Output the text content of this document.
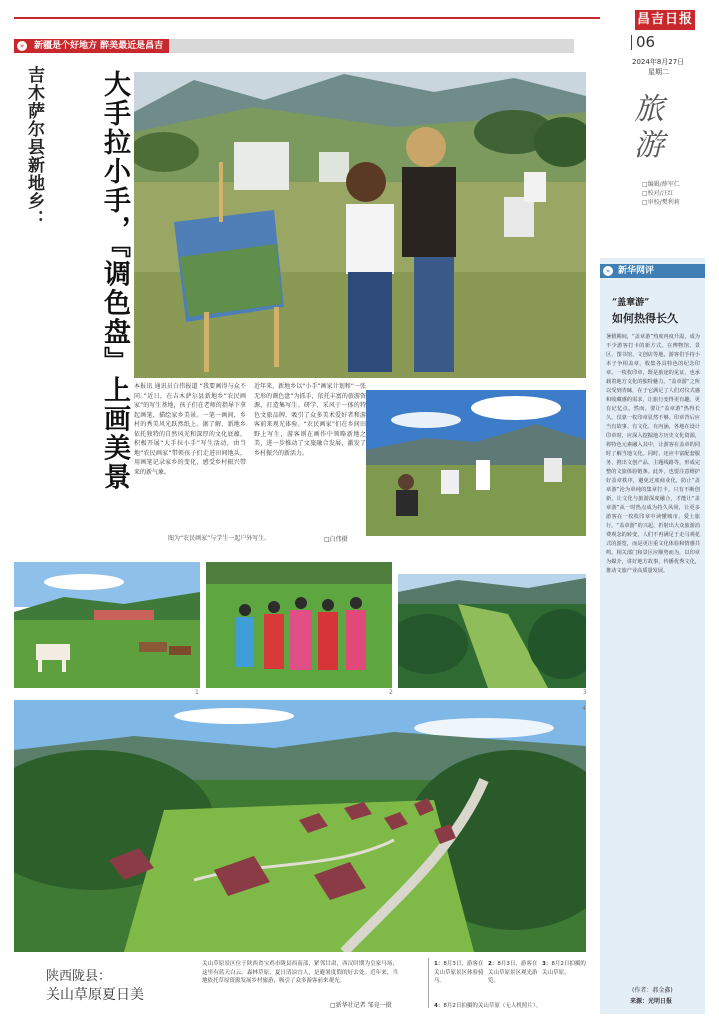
昌吉日报
06
2024年8月27日
星期二
旅游
□编辑/薛军仁
□校对/汪红
□审校/樊利莉
新疆是个好地方 醉美最近是昌吉
»
吉木萨尔县新地乡：	大手拉小手，『调色盘』上画美景 本报讯 通讯员白伟报道 “我要画得与众不同。”近日，在吉木萨尔县新地乡“农民画家”的写生基地，孩子们在老师的指导下拿起画笔，描绘家乡美景。一笔一画间，乡村的秀美风光跃然纸上。据了解，新地乡依托独特的自然风光和深厚的文化底蕴，积极开展“大手拉小手”写生活动，由当地“农民画家”带领孩子们走进田间地头，用画笔记录家乡的变化，感受乡村振兴带来的新气象。
近年来，新地乡以“小手”画家计划和“一张无形的调色盘”为抓手，依托丰富的旅游资源，打造集写生、研学、采风于一体的特色文旅品牌，吸引了众多美术爱好者和游客前来观光体验。“农民画家”们在乡间田野上写生，游客则在画作中领略新地之美，进一步推动了文旅融合发展，激发了乡村振兴的新活力。
图为“农民画家”与学生一起户外写生。	□白伟摄
1	2	3
4
新华网评
»
“盖章游”
如何热得长久
暑假期间，“盖章游”热度再度升温，成为不少游客打卡的新方式。在博物馆、景区、图书馆、文创店等地，游客们手持小本子争相盖章，收集各具特色的纪念印章。一枚枚印章，既是旅途的见证，也承载着地方文化的独特魅力。“盖章游”之所以受到青睐，在于它满足了人们对仪式感和收藏感的需求，让旅行变得更有趣、更有记忆点。然而，要让“盖章游”热得长久，仅靠一枚印章显然不够。印章背后应当有故事、有文化、有内涵，各地在设计印章时，应深入挖掘地方历史文化资源，将特色元素融入其中，让游客在盖章的同时了解当地文化。同时，还应丰富配套服务，推出文创产品、主题线路等，形成完整的文旅体验链条。此外，也要注意维护好盖章秩序，避免过度商业化，防止“盖章游”沦为单纯的集章打卡。只有不断创新，让文化与旅游深度融合，才能让“盖章游”从一时热点成为持久风尚，让更多游客在一枚枚印章中读懂城市、爱上旅行。“盖章游”的兴起，折射出大众旅游消费观念的转变，人们不再满足于走马观花式的游览，而是更注重文化体验和情感共鸣。相关部门和景区应顺势而为，以印章为媒介，讲好地方故事，传播优秀文化，推动文旅产业高质量发展。
(作者：郝金鑫)
来源：光明日报
陕西陇县：
关山草原夏日美
关山草原景区位于陕西省宝鸡市陇县西南部，紧邻甘肃，西汉时期为皇家马场，这里有蓝天白云、森林草原，夏日清凉宜人，是避暑度假的好去处。近年来，当地依托草原资源发展乡村旅游，吸引了众多游客前来观光。
□新华社记者 邹竟一摄
1：8月3日，游客在关山草原景区体验骑马。
2：8月3日，游客在关山草原景区观光游览。
3：8月2日拍摄的关山草原。
4：8月2日拍摄的关山草原（无人机照片）。
